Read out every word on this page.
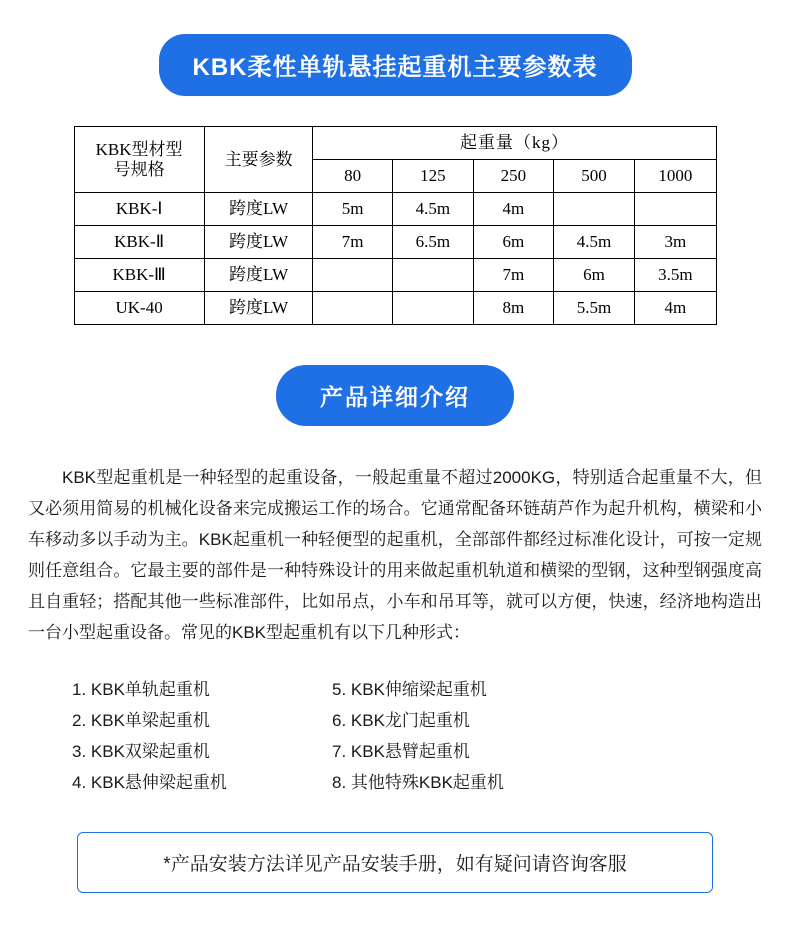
KBK柔性单轨悬挂起重机主要参数表
KBK型材型
号规格	主要参数	起重量（kg）				
		80	125	250	500	1000
KBK-Ⅰ	跨度LW	5m	4.5m	4m		
KBK-Ⅱ	跨度LW	7m	6.5m	6m	4.5m	3m
KBK-Ⅲ	跨度LW			7m	6m	3.5m
UK-40	跨度LW			8m	5.5m	4m
产品详细介绍
KBK型起重机是一种轻型的起重设备，一般起重量不超过2000KG，特别适合起重量不大，但又必须用简易的机械化设备来完成搬运工作的场合。它通常配备环链葫芦作为起升机构，横梁和小车移动多以手动为主。KBK起重机一种轻便型的起重机，全部部件都经过标准化设计，可按一定规则任意组合。它最主要的部件是一种特殊设计的用来做起重机轨道和横梁的型钢，这种型钢强度高且自重轻；搭配其他一些标准部件，比如吊点，小车和吊耳等，就可以方便，快速，经济地构造出一台小型起重设备。常见的KBK型起重机有以下几种形式：
1. KBK单轨起重机
2. KBK单梁起重机
3. KBK双梁起重机
4. KBK悬伸梁起重机
5. KBK伸缩梁起重机
6. KBK龙门起重机
7. KBK悬臂起重机
8. 其他特殊KBK起重机
*产品安装方法详见产品安装手册，如有疑问请咨询客服
